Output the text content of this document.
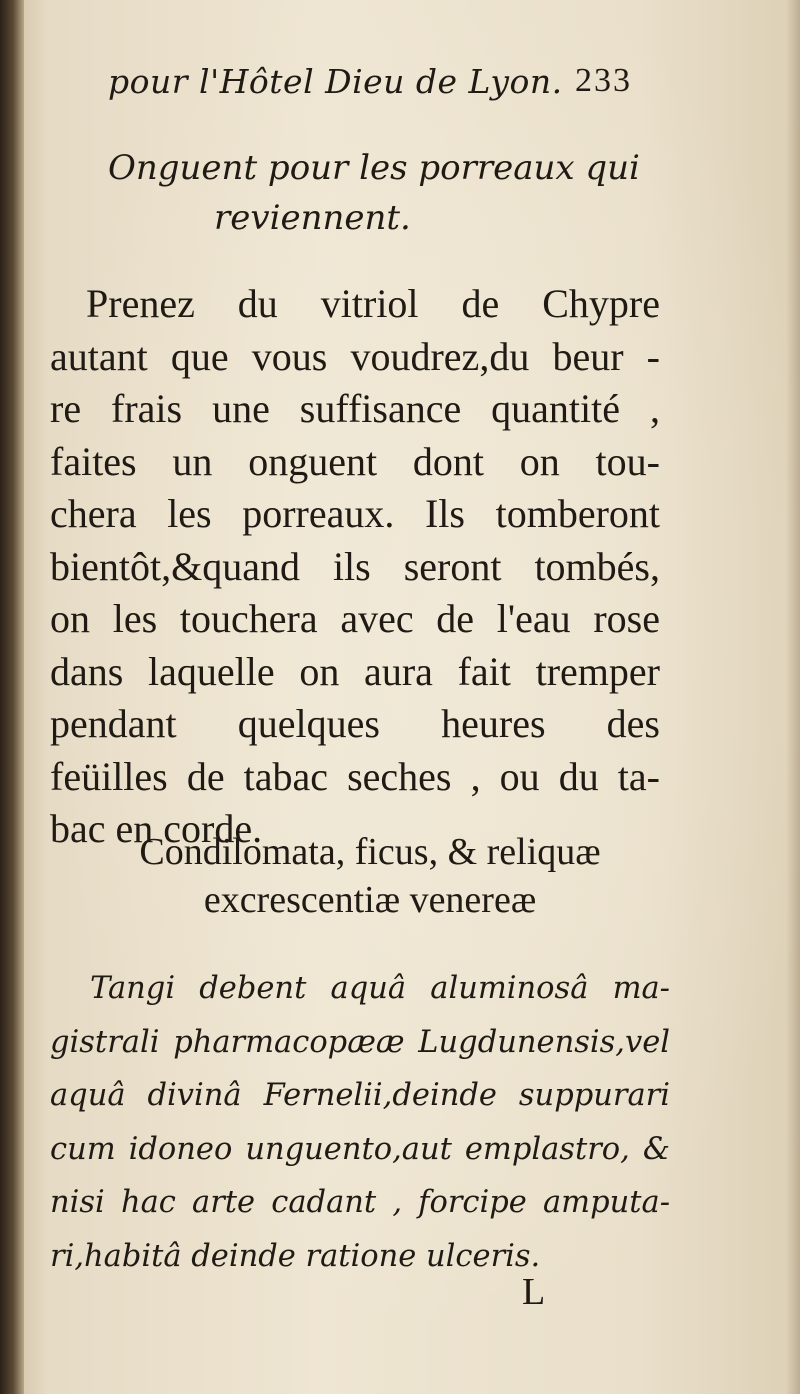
pour l'Hôtel Dieu de Lyon. 233
Onguent pour les porreaux qui
reviennent.
Prenez du vitriol de Chypre
autant que vous voudrez,du beur -
re frais une suffisance quantité ,
faites un onguent dont on tou-
chera les porreaux. Ils tomberont
bientôt,&quand ils seront tombés,
on les touchera avec de l'eau rose
dans laquelle on aura fait tremper
pendant quelques heures des
feüilles de tabac seches , ou du ta-
bac en corde.
Condilomata, ficus, & reliquæ
excrescentiæ venereæ
Tangi debent aquâ aluminosâ ma-
gistrali pharmacopææ Lugdunensis,vel
aquâ divinâ Fernelii,deinde suppurari
cum idoneo unguento,aut emplastro, &
nisi hac arte cadant , forcipe amputa-
ri,habitâ deinde ratione ulceris.
L
